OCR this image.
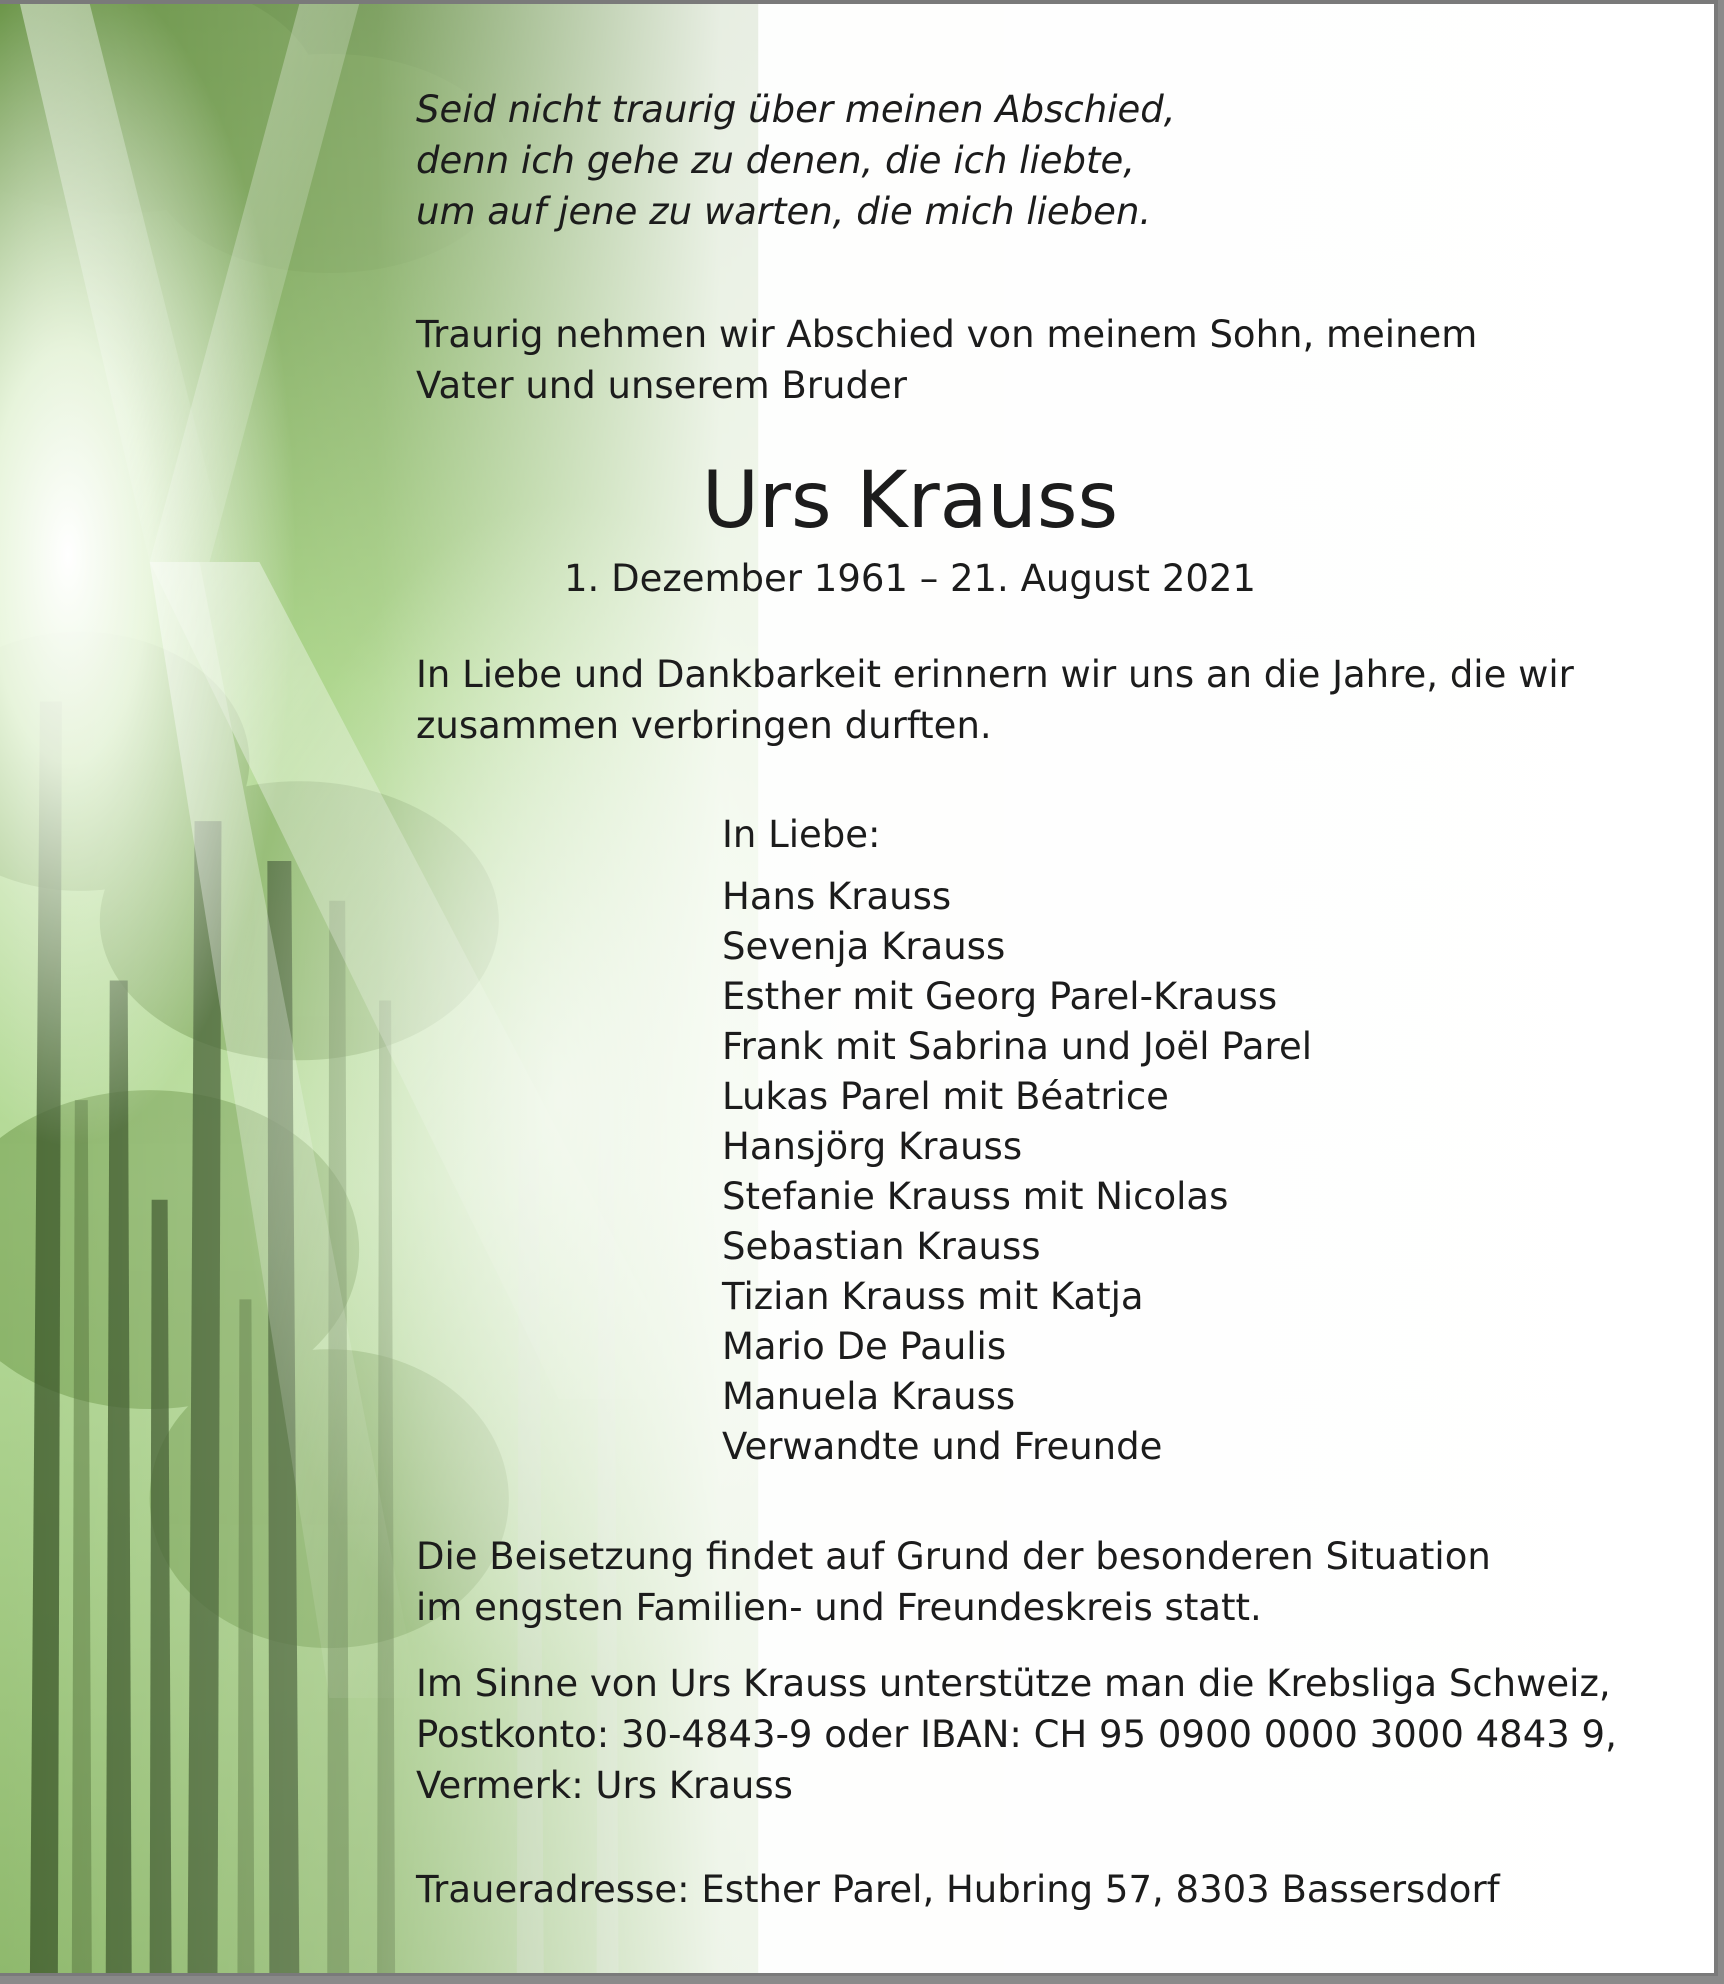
Seid nicht traurig über meinen Abschied,
denn ich gehe zu denen, die ich liebte,
um auf jene zu warten, die mich lieben.
Traurig nehmen wir Abschied von meinem Sohn, meinem
Vater und unserem Bruder
Urs Krauss
1. Dezember 1961 – 21. August 2021
In Liebe und Dankbarkeit erinnern wir uns an die Jahre, die wir
zusammen verbringen durften.
In Liebe:
Hans Krauss
Sevenja Krauss
Esther mit Georg Parel-Krauss
Frank mit Sabrina und Joël Parel
Lukas Parel mit Béatrice
Hansjörg Krauss
Stefanie Krauss mit Nicolas
Sebastian Krauss
Tizian Krauss mit Katja
Mario De Paulis
Manuela Krauss
Verwandte und Freunde
Die Beisetzung findet auf Grund der besonderen Situation
im engsten Familien- und Freundeskreis statt.
Im Sinne von Urs Krauss unterstütze man die Krebsliga Schweiz,
Postkonto: 30-4843-9 oder IBAN: CH 95 0900 0000 3000 4843 9,
Vermerk: Urs Krauss
Traueradresse: Esther Parel, Hubring 57, 8303 Bassersdorf
